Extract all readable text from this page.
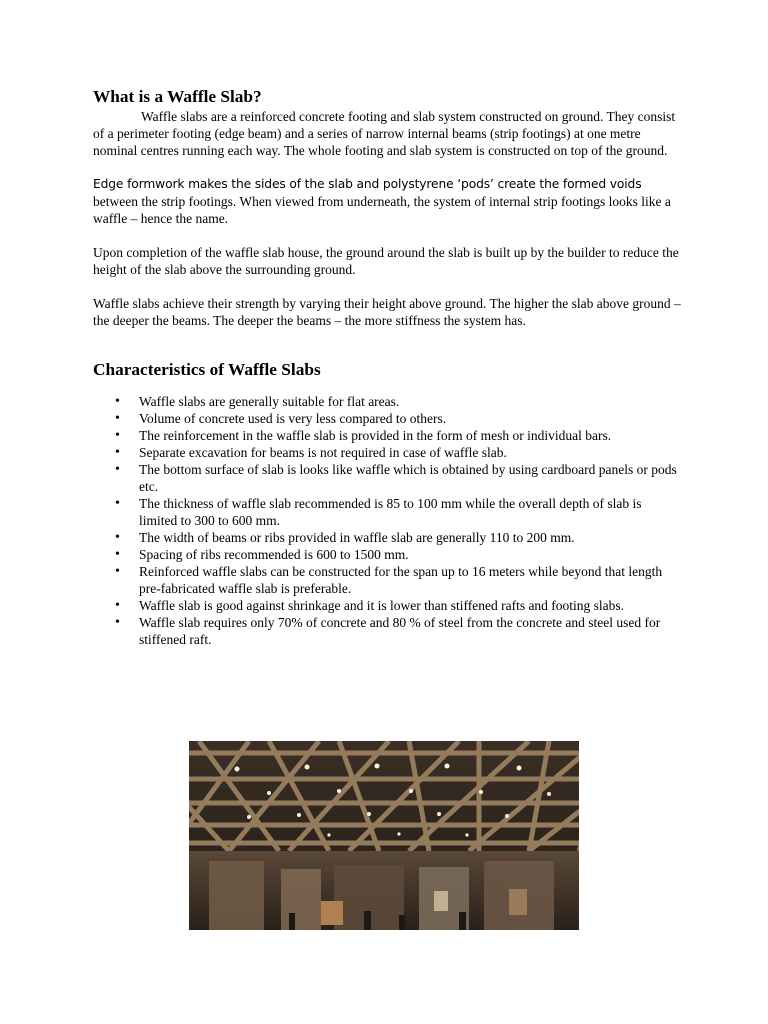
What is a Waffle Slab?

Waffle slabs are a reinforced concrete footing and slab system constructed on ground. They consist of a perimeter footing (edge beam) and a series of narrow internal beams (strip footings) at one metre nominal centres running each way. The whole footing and slab system is constructed on top of the ground.

Edge formwork makes the sides of the slab and polystyrene ‘pods’ create the formed voids

between the strip footings. When viewed from underneath, the system of internal strip footings looks like a waffle – hence the name.

Upon completion of the waffle slab house, the ground around the slab is built up by the builder to reduce the height of the slab above the surrounding ground.

Waffle slabs achieve their strength by varying their height above ground. The higher the slab above ground – the deeper the beams. The deeper the beams – the more stiffness the system has.

Characteristics of Waffle Slabs
• Waffle slabs are generally suitable for flat areas.
• Volume of concrete used is very less compared to others.
• The reinforcement in the waffle slab is provided in the form of mesh or individual bars.
• Separate excavation for beams is not required in case of waffle slab.
• The bottom surface of slab is looks like waffle which is obtained by using cardboard panels or pods etc.
• The thickness of waffle slab recommended is 85 to 100 mm while the overall depth of slab is limited to 300 to 600 mm.
• The width of beams or ribs provided in waffle slab are generally 110 to 200 mm.
• Spacing of ribs recommended is 600 to 1500 mm.
• Reinforced waffle slabs can be constructed for the span up to 16 meters while beyond that length pre-fabricated waffle slab is preferable.
• Waffle slab is good against shrinkage and it is lower than stiffened rafts and footing slabs.
• Waffle slab requires only 70% of concrete and 80 % of steel from the concrete and steel used for stiffened raft.
